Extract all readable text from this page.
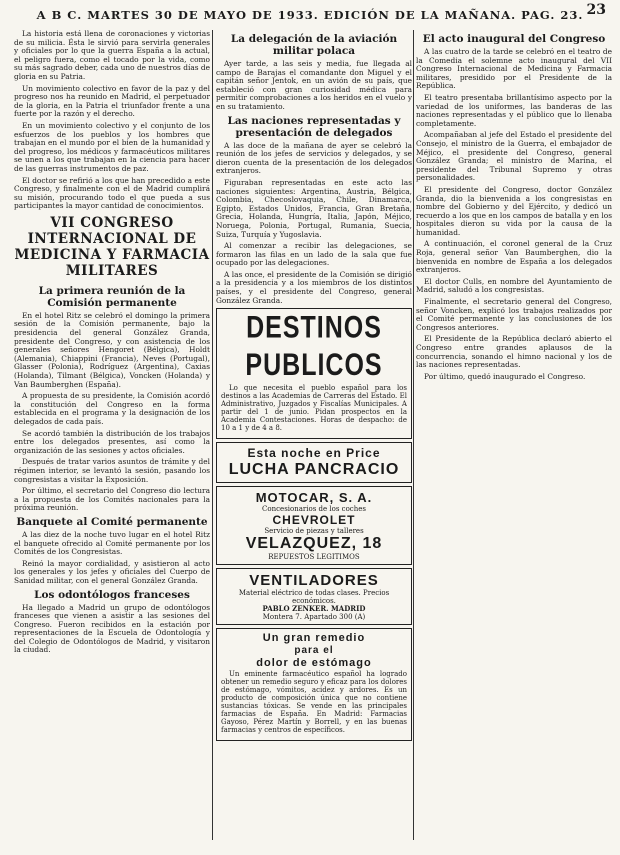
A B C. MARTES 30 DE MAYO DE 1933. EDICIÓN DE LA MAÑANA. PAG. 23. 23

La historia está llena de coronaciones y victorias de su milicia. Ésta le sirvió para servirla generales y oficiales por lo que la guerra España a la actual, el peligro fuera, como el tocado por la vida, como su más sagrado deber, cada uno de nuestros días de gloria en su Patria.

Un movimiento colectivo en favor de la paz y del progreso nos ha reunido en Madrid, el perpetuador de la gloria, en la Patria el triunfador frente a una fuerte por la razón y el derecho.

En un movimiento colectivo y el conjunto de los esfuerzos de los pueblos y los hombres que trabajan en el mundo por el bien de la humanidad y del progreso, los médicos y farmacéuticos militares se unen a los que trabajan en la ciencia para hacer de las guerras instrumentos de paz.

El doctor se refirió a los que han precedido a este Congreso, y finalmente con el de Madrid cumplirá su misión, procurando todo el que pueda a sus participantes la mayor cantidad de conocimientos.

VII CONGRESO INTERNACIONAL DE MEDICINA Y FARMACIA MILITARES
La primera reunión de la Comisión permanente

En el hotel Ritz se celebró el domingo la primera sesión de la Comisión permanente, bajo la presidencia del general González Granda, presidente del Congreso, y con asistencia de los generales señores Hengoret (Bélgica), Holdt (Alemania), Chiappini (Francia), Neves (Portugal), Glasser (Polonia), Rodríguez (Argentina), Caxias (Holanda), Tilmant (Bélgica), Voncken (Holanda) y Van Baumberghen (España).

A propuesta de su presidente, la Comisión acordó la constitución del Congreso en la forma establecida en el programa y la designación de los delegados de cada país.

Se acordó también la distribución de los trabajos entre los delegados presentes, así como la organización de las sesiones y actos oficiales.

Después de tratar varios asuntos de trámite y del régimen interior, se levantó la sesión, pasando los congresistas a visitar la Exposición.

Por último, el secretario del Congreso dio lectura a la propuesta de los Comités nacionales para la próxima reunión.

Banquete al Comité permanente

A las diez de la noche tuvo lugar en el hotel Ritz el banquete ofrecido al Comité permanente por los Comités de los Congresistas.

Reinó la mayor cordialidad, y asistieron al acto los generales y los jefes y oficiales del Cuerpo de Sanidad militar, con el general González Granda.

Los odontólogos franceses

Ha llegado a Madrid un grupo de odontólogos franceses que vienen a asistir a las sesiones del Congreso. Fueron recibidos en la estación por representaciones de la Escuela de Odontología y del Colegio de Odontólogos de Madrid, y visitaron la ciudad.

La delegación de la aviación militar polaca

Ayer tarde, a las seis y media, fue llegada al campo de Barajas el comandante don Miguel y el capitán señor Jentok, en un avión de su país, que estableció con gran curiosidad médica para permitir comprobaciones a los heridos en el vuelo y en su tratamiento.

Las naciones representadas y presentación de delegados

A las doce de la mañana de ayer se celebró la reunión de los jefes de servicios y delegados, y se dieron cuenta de la presentación de los delegados extranjeros.

Figuraban representadas en este acto las naciones siguientes: Argentina, Austria, Bélgica, Colombia, Checoslovaquia, Chile, Dinamarca, Egipto, Estados Unidos, Francia, Gran Bretaña, Grecia, Holanda, Hungría, Italia, Japón, Méjico, Noruega, Polonia, Portugal, Rumania, Suecia, Suiza, Turquía y Yugoslavia.

Al comenzar a recibir las delegaciones, se formaron las filas en un lado de la sala que fue ocupado por las delegaciones.

A las once, el presidente de la Comisión se dirigió a la presidencia y a los miembros de los distintos países, y el presidente del Congreso, general González Granda.

DESTINOS PUBLICOS

Lo que necesita el pueblo español para los destinos a las Academias de Carreras del Estado. El Administrativo, Juzgados y Fiscalías Municipales. A partir del 1 de junio. Pidan prospectos en la Academia Contestaciones. Horas de despacho: de 10 a 1 y de 4 a 8.

Esta noche en Price
LUCHA PANCRACIO
MOTOCAR, S. A.
Concesionarios de los coches
CHEVROLET
Servicio de piezas y talleres
VELAZQUEZ, 18
REPUESTOS LEGITIMOS
VENTILADORES
Material eléctrico de todas clases. Precios económicos.
PABLO ZENKER. MADRID
Montera 7. Apartado 300 (A)
Un gran remedio
para el
dolor de estómago

Un eminente farmacéutico español ha logrado obtener un remedio seguro y eficaz para los dolores de estómago, vómitos, acidez y ardores. Es un producto de composición única que no contiene sustancias tóxicas. Se vende en las principales farmacias de España. En Madrid: Farmacias Gayoso, Pérez Martín y Borrell, y en las buenas farmacias y centros de específicos.

El acto inaugural del Congreso

A las cuatro de la tarde se celebró en el teatro de la Comedia el solemne acto inaugural del VII Congreso Internacional de Medicina y Farmacia militares, presidido por el Presidente de la República.

El teatro presentaba brillantísimo aspecto por la variedad de los uniformes, las banderas de las naciones representadas y el público que lo llenaba completamente.

Acompañaban al jefe del Estado el presidente del Consejo, el ministro de la Guerra, el embajador de Méjico, el presidente del Congreso, general González Granda; el ministro de Marina, el presidente del Tribunal Supremo y otras personalidades.

El presidente del Congreso, doctor González Granda, dio la bienvenida a los congresistas en nombre del Gobierno y del Ejército, y dedicó un recuerdo a los que en los campos de batalla y en los hospitales dieron su vida por la causa de la humanidad.

A continuación, el coronel general de la Cruz Roja, general señor Van Baumberghen, dio la bienvenida en nombre de España a los delegados extranjeros.

El doctor Culls, en nombre del Ayuntamiento de Madrid, saludó a los congresistas.

Finalmente, el secretario general del Congreso, señor Voncken, explicó los trabajos realizados por el Comité permanente y las conclusiones de los Congresos anteriores.

El Presidente de la República declaró abierto el Congreso entre grandes aplausos de la concurrencia, sonando el himno nacional y los de las naciones representadas.

Por último, quedó inaugurado el Congreso.
